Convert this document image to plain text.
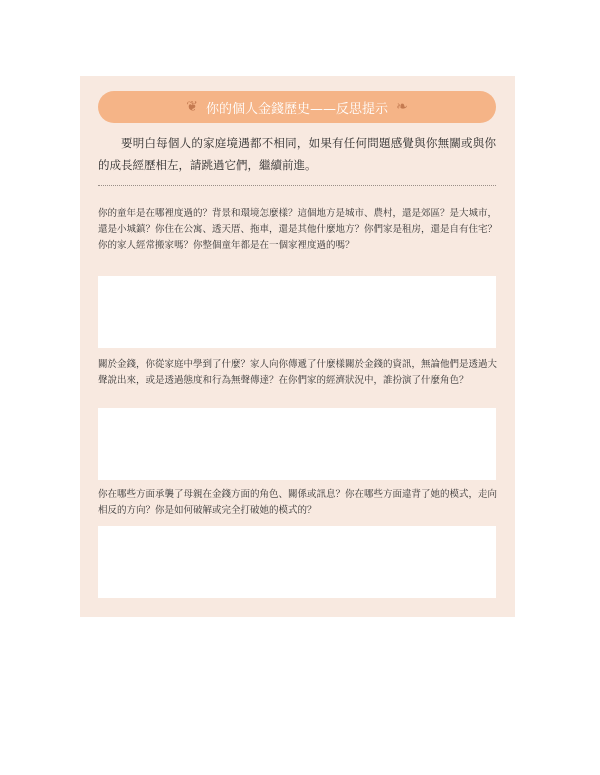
❦ 你的個人金錢歷史——反思提示 ❧

要明白每個人的家庭境遇都不相同，如果有任何問題感覺與你無關或與你的成長經歷相左，請跳過它們，繼續前進。

你的童年是在哪裡度過的？背景和環境怎麼樣？這個地方是城市、農村，還是郊區？是大城市，還是小城鎮？你住在公寓、透天厝、拖車，還是其他什麼地方？你們家是租房，還是自有住宅？你的家人經常搬家嗎？你整個童年都是在一個家裡度過的嗎？

關於金錢，你從家庭中學到了什麼？家人向你傳遞了什麼樣關於金錢的資訊，無論他們是透過大聲說出來，或是透過態度和行為無聲傳達？在你們家的經濟狀況中，誰扮演了什麼角色？

你在哪些方面承襲了母親在金錢方面的角色、關係或訊息？你在哪些方面違背了她的模式，走向相反的方向？你是如何破解或完全打破她的模式的？
